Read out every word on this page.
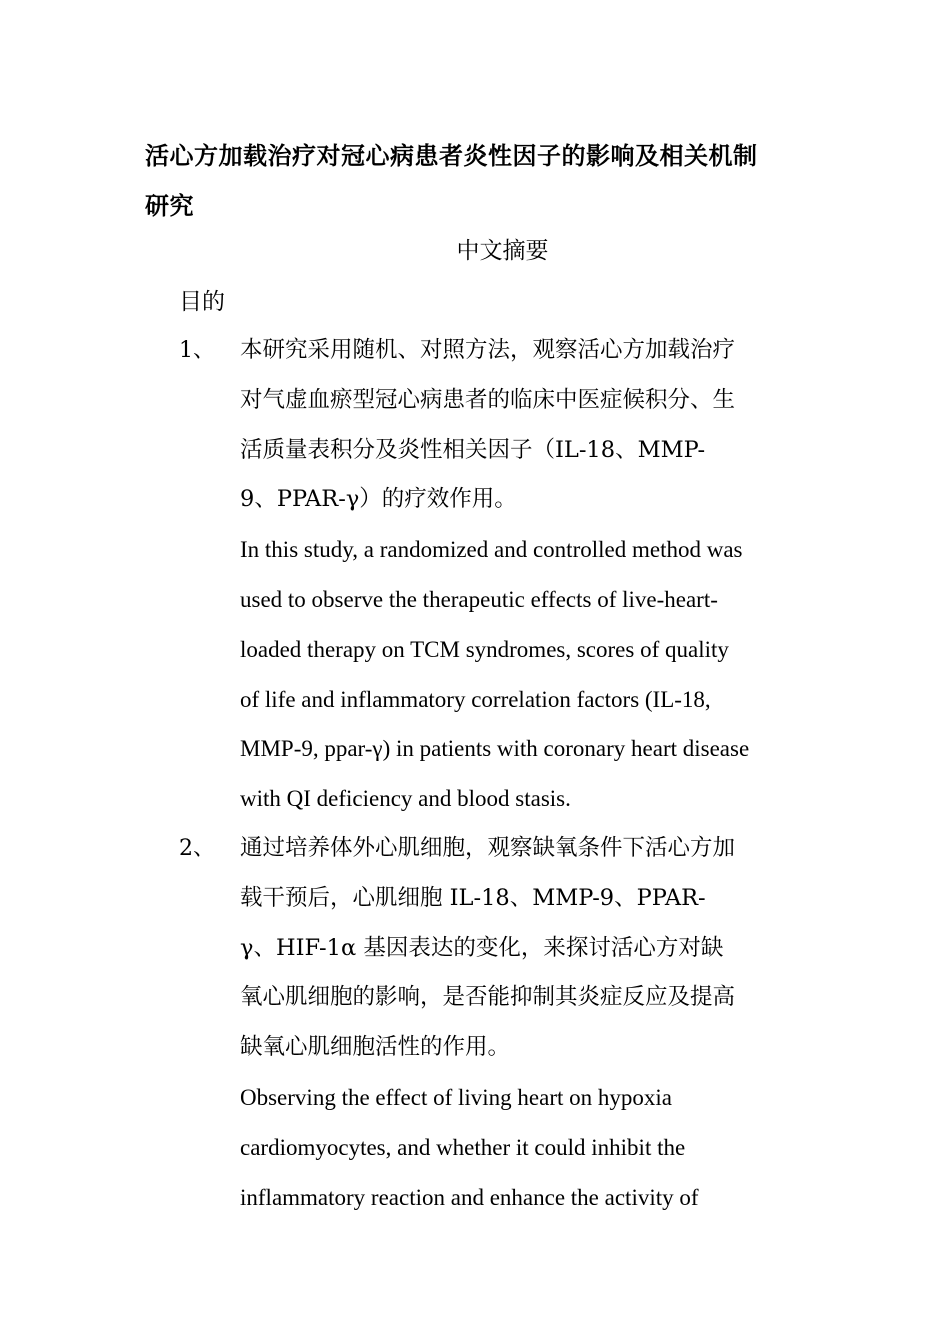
活心方加载治疗对冠心病患者炎性因子的影响及相关机制
研究
中文摘要
目的
1、 本研究采用随机、对照方法，观察活心方加载治疗

对气虚血瘀型冠心病患者的临床中医症候积分、生

活质量表积分及炎性相关因子（IL-18、MMP-

9、PPAR-γ）的疗效作用。

In this study, a randomized and controlled method was

used to observe the therapeutic effects of live-heart-

loaded therapy on TCM syndromes, scores of quality

of life and inflammatory correlation factors (IL-18,

MMP-9, ppar-γ) in patients with coronary heart disease

with QI deficiency and blood stasis.

2、 通过培养体外心肌细胞，观察缺氧条件下活心方加

载干预后，心肌细胞 IL-18、MMP-9、PPAR-

γ、HIF-1α 基因表达的变化，来探讨活心方对缺

氧心肌细胞的影响，是否能抑制其炎症反应及提高

缺氧心肌细胞活性的作用。

Observing the effect of living heart on hypoxia

cardiomyocytes, and whether it could inhibit the

inflammatory reaction and enhance the activity of
